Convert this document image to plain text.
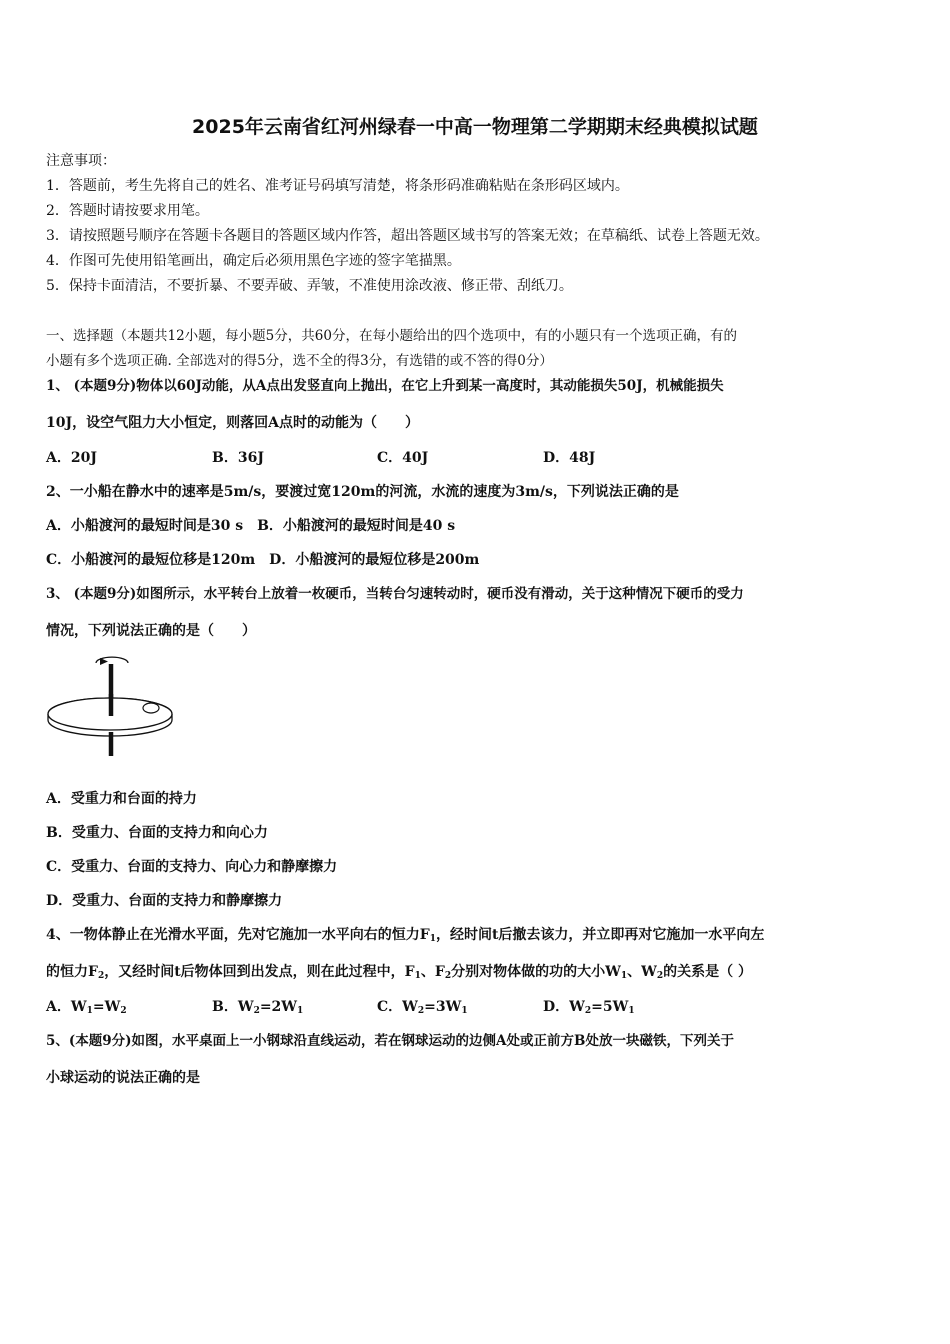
2025年云南省红河州绿春一中高一物理第二学期期末经典模拟试题
注意事项：
1．答题前，考生先将自己的姓名、准考证号码填写清楚，将条形码准确粘贴在条形码区域内。
2．答题时请按要求用笔。
3．请按照题号顺序在答题卡各题目的答题区域内作答，超出答题区域书写的答案无效；在草稿纸、试卷上答题无效。
4．作图可先使用铅笔画出，确定后必须用黑色字迹的签字笔描黑。
5．保持卡面清洁，不要折暴、不要弄破、弄皱，不准使用涂改液、修正带、刮纸刀。
一、选择题（本题共12小题，每小题5分，共60分，在每小题给出的四个选项中，有的小题只有一个选项正确，有的
小题有多个选项正确. 全部选对的得5分，选不全的得3分，有选错的或不答的得0分）
1、 (本题9分)物体以60J动能，从A点出发竖直向上抛出，在它上升到某一高度时，其动能损失50J，机械能损失
10J，设空气阻力大小恒定，则落回A点时的动能为（　　）
A．20J	B．36J	C．40J	D．48J
2、一小船在静水中的速率是5m/s，要渡过宽120m的河流，水流的速度为3m/s，下列说法正确的是
A．小船渡河的最短时间是30 s　B．小船渡河的最短时间是40 s
C．小船渡河的最短位移是120m　D．小船渡河的最短位移是200m
3、 (本题9分)如图所示，水平转台上放着一枚硬币，当转台匀速转动时，硬币没有滑动，关于这种情况下硬币的受力
情况，下列说法正确的是（　　）
A．受重力和台面的持力
B．受重力、台面的支持力和向心力
C．受重力、台面的支持力、向心力和静摩擦力
D．受重力、台面的支持力和静摩擦力
4、一物体静止在光滑水平面，先对它施加一水平向右的恒力$F_1$，经时间t后撤去该力，并立即再对它施加一水平向左
的恒力$F_2$，又经时间t后物体回到出发点，则在此过程中，$F_1$、$F_2$分别对物体做的功的大小$W_1$、$W_2$的关系是（ ）
A．$W_1=W_2$	B．$W_2=2W_1$	C．$W_2=3W_1$	D．$W_2=5W_1$
5、(本题9分)如图，水平桌面上一小钢球沿直线运动，若在钢球运动的边侧A处或正前方B处放一块磁铁，下列关于
小球运动的说法正确的是
